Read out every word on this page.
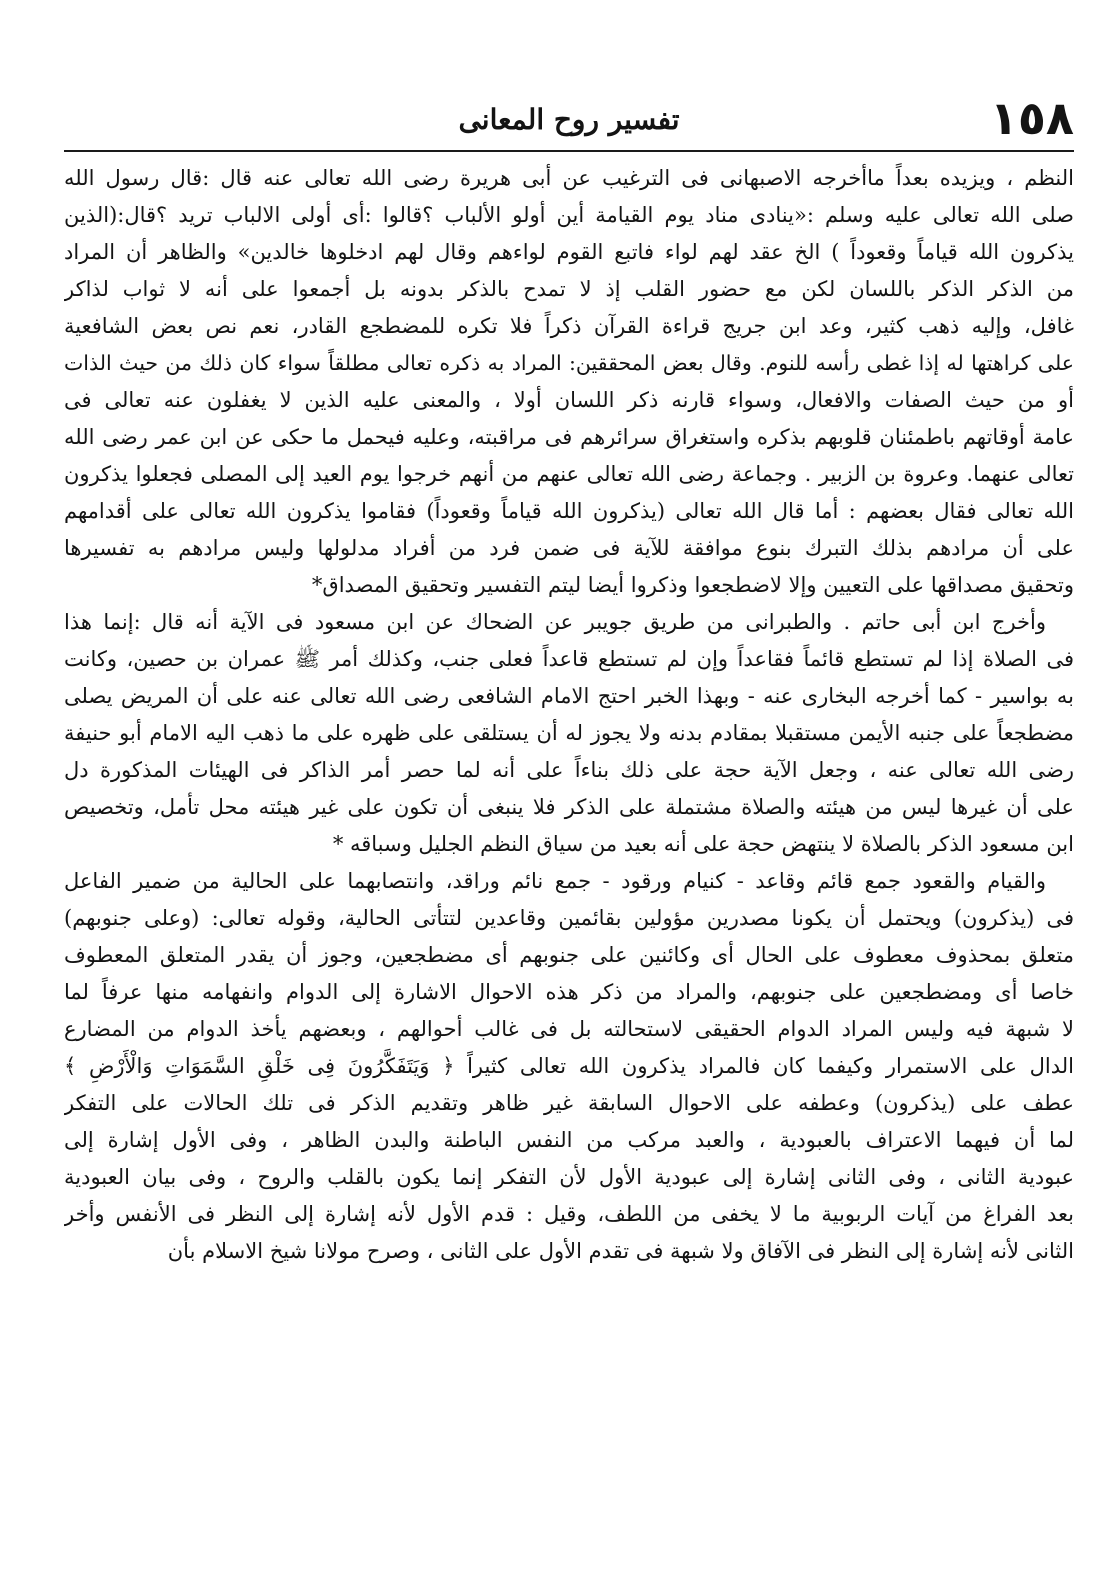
١٥٨
تفسير روح المعانى
النظم ، ويزيده بعداً ماأخرجه الاصبهانى فى الترغيب عن أبى هريرة رضى الله تعالى عنه قال :قال رسول الله
صلى الله تعالى عليه وسلم :«ينادى مناد يوم القيامة أين أولو الألباب ؟قالوا :أى أولى الالباب تريد ؟قال:(الذين
يذكرون الله قياماً وقعوداً ) الخ عقد لهم لواء فاتبع القوم لواءهم وقال لهم ادخلوها خالدين» والظاهر أن المراد
من الذكر الذكر باللسان لكن مع حضور القلب إذ لا تمدح بالذكر بدونه بل أجمعوا على أنه لا ثواب لذاكر
غافل، وإليه ذهب كثير، وعد ابن جريج قراءة القرآن ذكراً فلا تكره للمضطجع القادر، نعم نص بعض الشافعية
على كراهتها له إذا غطى رأسه للنوم. وقال بعض المحققين: المراد به ذكره تعالى مطلقاً سواء كان ذلك من حيث الذات
أو من حيث الصفات والافعال، وسواء قارنه ذكر اللسان أولا ، والمعنى عليه الذين لا يغفلون عنه تعالى فى
عامة أوقاتهم باطمئنان قلوبهم بذكره واستغراق سرائرهم فى مراقبته، وعليه فيحمل ما حكى عن ابن عمر رضى الله
تعالى عنهما. وعروة بن الزبير . وجماعة رضى الله تعالى عنهم من أنهم خرجوا يوم العيد إلى المصلى فجعلوا يذكرون
الله تعالى فقال بعضهم : أما قال الله تعالى (يذكرون الله قياماً وقعوداً) فقاموا يذكرون الله تعالى على أقدامهم
على أن مرادهم بذلك التبرك بنوع موافقة للآية فى ضمن فرد من أفراد مدلولها وليس مرادهم به تفسيرها
وتحقيق مصداقها على التعيين وإلا لاضطجعوا وذكروا أيضا ليتم التفسير وتحقيق المصداق*
وأخرج ابن أبى حاتم . والطبرانى من طريق جويبر عن الضحاك عن ابن مسعود فى الآية أنه قال :إنما هذا
فى الصلاة إذا لم تستطع قائماً فقاعداً وإن لم تستطع قاعداً فعلى جنب، وكذلك أمر ﷺ عمران بن حصين، وكانت
به بواسير - كما أخرجه البخارى عنه - وبهذا الخبر احتج الامام الشافعى رضى الله تعالى عنه على أن المريض يصلى
مضطجعاً على جنبه الأيمن مستقبلا بمقادم بدنه ولا يجوز له أن يستلقى على ظهره على ما ذهب اليه الامام أبو حنيفة
رضى الله تعالى عنه ، وجعل الآية حجة على ذلك بناءاً على أنه لما حصر أمر الذاكر فى الهيئات المذكورة دل
على أن غيرها ليس من هيئته والصلاة مشتملة على الذكر فلا ينبغى أن تكون على غير هيئته محل تأمل، وتخصيص
ابن مسعود الذكر بالصلاة لا ينتهض حجة على أنه بعيد من سياق النظم الجليل وسباقه *
والقيام والقعود جمع قائم وقاعد - كنيام ورقود - جمع نائم وراقد، وانتصابهما على الحالية من ضمير الفاعل
فى (يذكرون) ويحتمل أن يكونا مصدرين مؤولين بقائمين وقاعدين لتتأتى الحالية، وقوله تعالى: (وعلى جنوبهم)
متعلق بمحذوف معطوف على الحال أى وكائنين على جنوبهم أى مضطجعين، وجوز أن يقدر المتعلق المعطوف
خاصا أى ومضطجعين على جنوبهم، والمراد من ذكر هذه الاحوال الاشارة إلى الدوام وانفهامه منها عرفاً لما
لا شبهة فيه وليس المراد الدوام الحقيقى لاستحالته بل فى غالب أحوالهم ، وبعضهم يأخذ الدوام من المضارع
الدال على الاستمرار وكيفما كان فالمراد يذكرون الله تعالى كثيراً ﴿ وَيَتَفَكَّرُونَ فِى خَلْقِ السَّمَوَاتِ وَالْأَرْضِ ﴾
عطف على (يذكرون) وعطفه على الاحوال السابقة غير ظاهر وتقديم الذكر فى تلك الحالات على التفكر
لما أن فيهما الاعتراف بالعبودية ، والعبد مركب من النفس الباطنة والبدن الظاهر ، وفى الأول إشارة إلى
عبودية الثانى ، وفى الثانى إشارة إلى عبودية الأول لأن التفكر إنما يكون بالقلب والروح ، وفى بيان العبودية
بعد الفراغ من آيات الربوبية ما لا يخفى من اللطف، وقيل : قدم الأول لأنه إشارة إلى النظر فى الأنفس وأخر
الثانى لأنه إشارة إلى النظر فى الآفاق ولا شبهة فى تقدم الأول على الثانى ، وصرح مولانا شيخ الاسلام بأن
